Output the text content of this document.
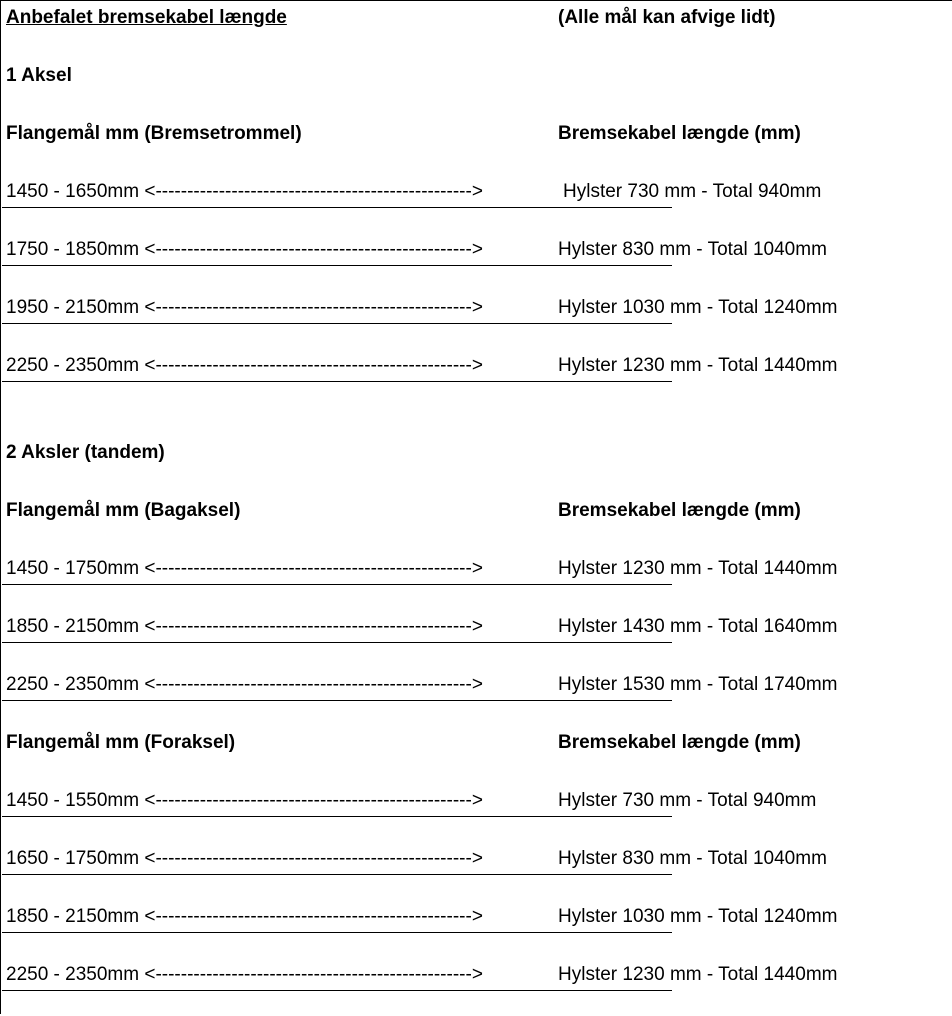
Anbefalet bremsekabel længde	(Alle mål kan afvige lidt)
1 Aksel
Flangemål mm (Bremsetrommel)	Bremsekabel længde (mm)
1450 - 1650mm <-------------------------------------------------->	Hylster 730 mm - Total 940mm
1750 - 1850mm <-------------------------------------------------->	Hylster 830 mm - Total 1040mm
1950 - 2150mm <-------------------------------------------------->	Hylster 1030 mm - Total 1240mm
2250 - 2350mm <-------------------------------------------------->	Hylster 1230 mm - Total 1440mm
2 Aksler (tandem)
Flangemål mm (Bagaksel)	Bremsekabel længde (mm)
1450 - 1750mm <-------------------------------------------------->	Hylster 1230 mm - Total 1440mm
1850 - 2150mm <-------------------------------------------------->	Hylster 1430 mm - Total 1640mm
2250 - 2350mm <-------------------------------------------------->	Hylster 1530 mm - Total 1740mm
Flangemål mm (Foraksel)	Bremsekabel længde (mm)
1450 - 1550mm <-------------------------------------------------->	Hylster 730 mm - Total 940mm
1650 - 1750mm <-------------------------------------------------->	Hylster 830 mm - Total 1040mm
1850 - 2150mm <-------------------------------------------------->	Hylster 1030 mm - Total 1240mm
2250 - 2350mm <-------------------------------------------------->	Hylster 1230 mm - Total 1440mm
